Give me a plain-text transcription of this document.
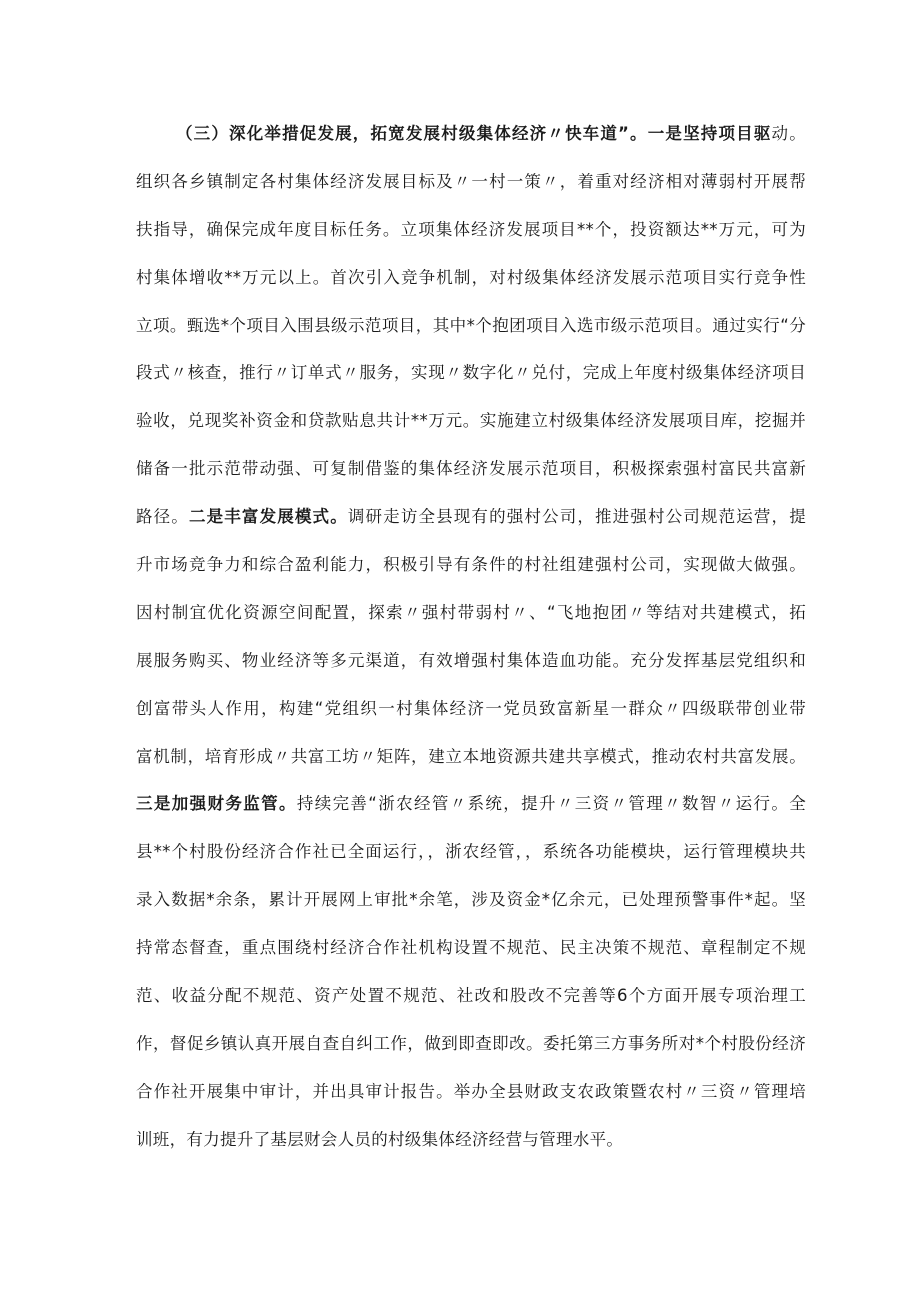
（三）深化举措促发展，拓宽发展村级集体经济〃快车道”。一是坚持项目驱动。
组织各乡镇制定各村集体经济发展目标及〃一村一策〃，着重对经济相对薄弱村开展帮
扶指导，确保完成年度目标任务。立项集体经济发展项目**个，投资额达**万元，可为
村集体增收**万元以上。首次引入竞争机制，对村级集体经济发展示范项目实行竞争性
立项。甄选*个项目入围县级示范项目，其中*个抱团项目入选市级示范项目。通过实行“分
段式〃核查，推行〃订单式〃服务，实现〃数字化〃兑付，完成上年度村级集体经济项目
验收，兑现奖补资金和贷款贴息共计**万元。实施建立村级集体经济发展项目库，挖掘并
储备一批示范带动强、可复制借鉴的集体经济发展示范项目，积极探索强村富民共富新
路径。二是丰富发展模式。调研走访全县现有的强村公司，推进强村公司规范运营，提
升市场竞争力和综合盈利能力，积极引导有条件的村社组建强村公司，实现做大做强。
因村制宜优化资源空间配置，探索〃强村带弱村〃、“飞地抱团〃等结对共建模式，拓
展服务购买、物业经济等多元渠道，有效增强村集体造血功能。充分发挥基层党组织和
创富带头人作用，构建“党组织一村集体经济一党员致富新星一群众〃四级联带创业带
富机制，培育形成〃共富工坊〃矩阵，建立本地资源共建共享模式，推动农村共富发展。
三是加强财务监管。持续完善“浙农经管〃系统，提升〃三资〃管理〃数智〃运行。全
县**个村股份经济合作社已全面运行，，浙农经管，，系统各功能模块，运行管理模块共
录入数据*余条，累计开展网上审批*余笔，涉及资金*亿余元，已处理预警事件*起。坚
持常态督查，重点围绕村经济合作社机构设置不规范、民主决策不规范、章程制定不规
范、收益分配不规范、资产处置不规范、社改和股改不完善等6个方面开展专项治理工
作，督促乡镇认真开展自查自纠工作，做到即查即改。委托第三方事务所对*个村股份经济
合作社开展集中审计，并出具审计报告。举办全县财政支农政策暨农村〃三资〃管理培
训班，有力提升了基层财会人员的村级集体经济经营与管理水平。
